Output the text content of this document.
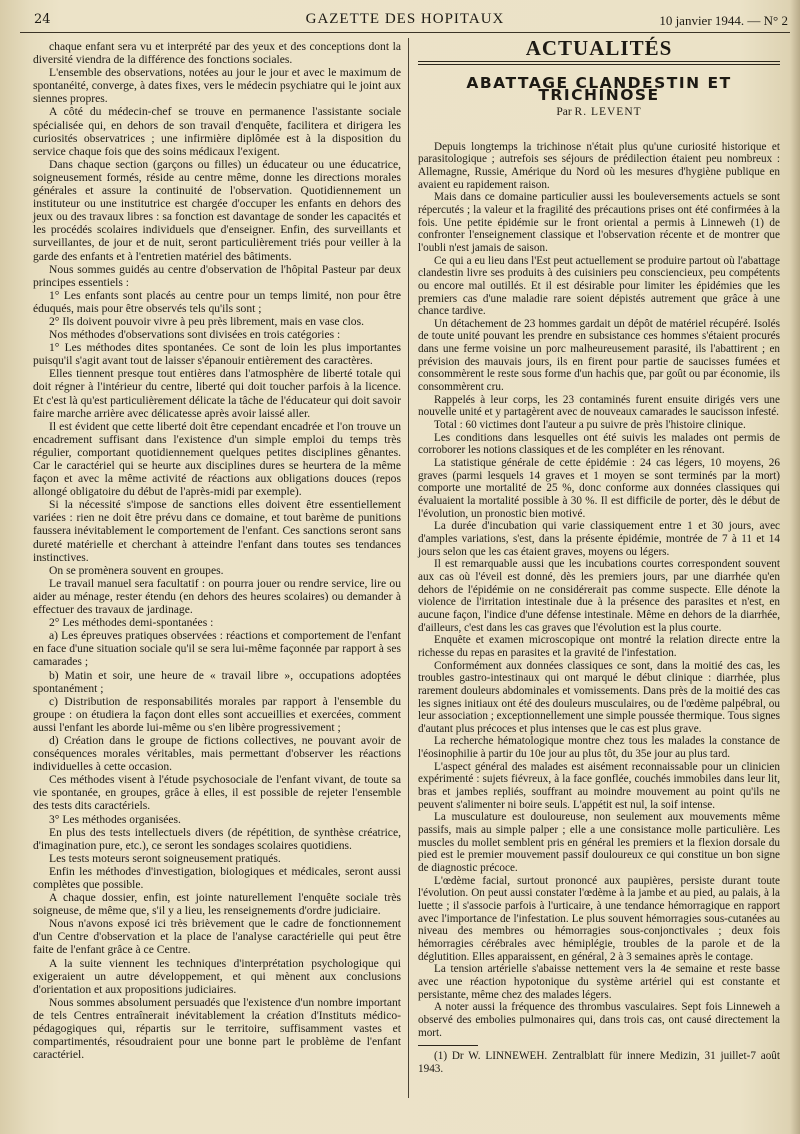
24	GAZETTE DES HOPITAUX	10 janvier 1944. — N° 2

chaque enfant sera vu et interprété par des yeux et des conceptions dont la diversité viendra de la différence des fonctions sociales.

L'ensemble des observations, notées au jour le jour et avec le maximum de spontanéité, converge, à dates fixes, vers le médecin psychiatre qui le joint aux siennes propres.

A côté du médecin-chef se trouve en permanence l'assistante sociale spécialisée qui, en dehors de son travail d'enquête, facilitera et dirigera les curiosités observatrices ; une infirmière diplômée est à la disposition du service chaque fois que des soins médicaux l'exigent.

Dans chaque section (garçons ou filles) un éducateur ou une éducatrice, soigneusement formés, réside au centre même, donne les directions morales générales et assure la continuité de l'observation. Quotidiennement un instituteur ou une institutrice est chargée d'occuper les enfants en dehors des jeux ou des travaux libres : sa fonction est davantage de sonder les capacités et les procédés scolaires individuels que d'enseigner. Enfin, des surveillants et surveillantes, de jour et de nuit, seront particulièrement triés pour veiller à la garde des enfants et à l'entretien matériel des bâtiments.

Nous sommes guidés au centre d'observation de l'hôpital Pasteur par deux principes essentiels :

1° Les enfants sont placés au centre pour un temps limité, non pour être éduqués, mais pour être observés tels qu'ils sont ;

2° Ils doivent pouvoir vivre à peu près librement, mais en vase clos.

Nos méthodes d'observations sont divisées en trois catégories :

1° Les méthodes dites spontanées. Ce sont de loin les plus importantes puisqu'il s'agit avant tout de laisser s'épanouir entièrement des caractères.

Elles tiennent presque tout entières dans l'atmosphère de liberté totale qui doit régner à l'intérieur du centre, liberté qui doit toucher parfois à la licence. Et c'est là qu'est particulièrement délicate la tâche de l'éducateur qui doit savoir faire marche arrière avec délicatesse après avoir laissé aller.

Il est évident que cette liberté doit être cependant encadrée et l'on trouve un encadrement suffisant dans l'existence d'un simple emploi du temps très régulier, comportant quotidiennement quelques petites disciplines gênantes. Car le caractériel qui se heurte aux disciplines dures se heurtera de la même façon et avec la même activité de réactions aux obligations douces (repos allongé obligatoire du début de l'après-midi par exemple).

Si la nécessité s'impose de sanctions elles doivent être essentiellement variées : rien ne doit être prévu dans ce domaine, et tout barème de punitions faussera inévitablement le comportement de l'enfant. Ces sanctions seront sans dureté matérielle et cherchant à atteindre l'enfant dans toutes ses tendances instinctives.

On se promènera souvent en groupes.

Le travail manuel sera facultatif : on pourra jouer ou rendre service, lire ou aider au ménage, rester étendu (en dehors des heures scolaires) ou demander à effectuer des travaux de jardinage.

2° Les méthodes demi-spontanées :

a) Les épreuves pratiques observées : réactions et comportement de l'enfant en face d'une situation sociale qu'il se sera lui-même façonnée par rapport à ses camarades ;

b) Matin et soir, une heure de « travail libre », occupations adoptées spontanément ;

c) Distribution de responsabilités morales par rapport à l'ensemble du groupe : on étudiera la façon dont elles sont accueillies et exercées, comment aussi l'enfant les aborde lui-même ou s'en libère progressivement ;

d) Création dans le groupe de fictions collectives, ne pouvant avoir de conséquences morales véritables, mais permettant d'observer les réactions individuelles à cette occasion.

Ces méthodes visent à l'étude psychosociale de l'enfant vivant, de toute sa vie spontanée, en groupes, grâce à elles, il est possible de rejeter l'ensemble des tests dits caractériels.

3° Les méthodes organisées.

En plus des tests intellectuels divers (de répétition, de synthèse créatrice, d'imagination pure, etc.), ce seront les sondages scolaires quotidiens.

Les tests moteurs seront soigneusement pratiqués.

Enfin les méthodes d'investigation, biologiques et médicales, seront aussi complètes que possible.

A chaque dossier, enfin, est jointe naturellement l'enquête sociale très soigneuse, de même que, s'il y a lieu, les renseignements d'ordre judiciaire.

Nous n'avons exposé ici très brièvement que le cadre de fonctionnement d'un Centre d'observation et la place de l'analyse caractérielle qui peut être faite de l'enfant grâce à ce Centre.

A la suite viennent les techniques d'interprétation psychologique qui exigeraient un autre développement, et qui mènent aux conclusions d'orientation et aux propositions judiciaires.

Nous sommes absolument persuadés que l'existence d'un nombre important de tels Centres entraînerait inévitablement la création d'Instituts médico-pédagogiques qui, répartis sur le territoire, suffisamment vastes et compartimentés, résoudraient pour une bonne part le problème de l'enfant caractériel.

ACTUALITÉS
ABATTAGE CLANDESTIN ET TRICHINOSE
Par R. LEVENT

Depuis longtemps la trichinose n'était plus qu'une curiosité historique et parasitologique ; autrefois ses séjours de prédilection étaient peu nombreux : Allemagne, Russie, Amérique du Nord où les mesures d'hygiène publique en avaient eu rapidement raison.

Mais dans ce domaine particulier aussi les bouleversements actuels se sont répercutés ; la valeur et la fragilité des précautions prises ont été confirmées à la fois. Une petite épidémie sur le front oriental a permis à Linneweh (1) de confronter l'enseignement classique et l'observation récente et de montrer que l'oubli n'est jamais de saison.

Ce qui a eu lieu dans l'Est peut actuellement se produire partout où l'abattage clandestin livre ses produits à des cuisiniers peu consciencieux, peu compétents ou encore mal outillés. Et il est désirable pour limiter les épidémies que les premiers cas d'une maladie rare soient dépistés autrement que grâce à une chance tardive.

Un détachement de 23 hommes gardait un dépôt de matériel récupéré. Isolés de toute unité pouvant les prendre en subsistance ces hommes s'étaient procurés dans une ferme voisine un porc malheureusement parasité, ils l'abattirent ; en prévision des mauvais jours, ils en firent pour partie de saucisses fumées et consommèrent le reste sous forme d'un hachis que, par goût ou par économie, ils consommèrent cru.

Rappelés à leur corps, les 23 contaminés furent ensuite dirigés vers une nouvelle unité et y partagèrent avec de nouveaux camarades le saucisson infesté.

Total : 60 victimes dont l'auteur a pu suivre de près l'histoire clinique.

Les conditions dans lesquelles ont été suivis les malades ont permis de corroborer les notions classiques et de les compléter en les rénovant.

La statistique générale de cette épidémie : 24 cas légers, 10 moyens, 26 graves (parmi lesquels 14 graves et 1 moyen se sont terminés par la mort) comporte une mortalité de 25 %, donc conforme aux données classiques qui évaluaient la mortalité possible à 30 %. Il est difficile de porter, dès le début de l'évolution, un pronostic bien motivé.

La durée d'incubation qui varie classiquement entre 1 et 30 jours, avec d'amples variations, s'est, dans la présente épidémie, montrée de 7 à 11 et 14 jours selon que les cas étaient graves, moyens ou légers.

Il est remarquable aussi que les incubations courtes correspondent souvent aux cas où l'éveil est donné, dès les premiers jours, par une diarrhée qu'en dehors de l'épidémie on ne considérerait pas comme suspecte. Elle dénote la violence de l'irritation intestinale due à la présence des parasites et n'est, en aucune façon, l'indice d'une défense intestinale. Même en dehors de la diarrhée, d'ailleurs, c'est dans les cas graves que l'évolution est la plus courte.

Enquête et examen microscopique ont montré la relation directe entre la richesse du repas en parasites et la gravité de l'infestation.

Conformément aux données classiques ce sont, dans la moitié des cas, les troubles gastro-intestinaux qui ont marqué le début clinique : diarrhée, plus rarement douleurs abdominales et vomissements. Dans près de la moitié des cas les signes initiaux ont été des douleurs musculaires, ou de l'œdème palpébral, ou leur association ; exceptionnellement une simple poussée thermique. Tous signes d'autant plus précoces et plus intenses que le cas est plus grave.

La recherche hématologique montre chez tous les malades la constance de l'éosinophilie à partir du 10e jour au plus tôt, du 35e jour au plus tard.

L'aspect général des malades est aisément reconnaissable pour un clinicien expérimenté : sujets fiévreux, à la face gonflée, couchés immobiles dans leur lit, bras et jambes repliés, souffrant au moindre mouvement au point qu'ils ne peuvent s'alimenter ni boire seuls. L'appétit est nul, la soif intense.

La musculature est douloureuse, non seulement aux mouvements même passifs, mais au simple palper ; elle a une consistance molle particulière. Les muscles du mollet semblent pris en général les premiers et la flexion dorsale du pied est le premier mouvement passif douloureux ce qui constitue un bon signe de diagnostic précoce.

L'œdème facial, surtout prononcé aux paupières, persiste durant toute l'évolution. On peut aussi constater l'œdème à la jambe et au pied, au palais, à la luette ; il s'associe parfois à l'urticaire, à une tendance hémorragique en rapport avec l'importance de l'infestation. Le plus souvent hémorragies sous-cutanées au niveau des membres ou hémorragies sous-conjonctivales ; deux fois hémorragies cérébrales avec hémiplégie, troubles de la parole et de la déglutition. Elles apparaissent, en général, 2 à 3 semaines après le contage.

La tension artérielle s'abaisse nettement vers la 4e semaine et reste basse avec une réaction hypotonique du système artériel qui est constante et persistante, même chez des malades légers.

A noter aussi la fréquence des thrombus vasculaires. Sept fois Linneweh a observé des embolies pulmonaires qui, dans trois cas, ont causé directement la mort.

(1) Dr W. LINNEWEH. Zentralblatt für innere Medizin, 31 juillet-7 août 1943.
